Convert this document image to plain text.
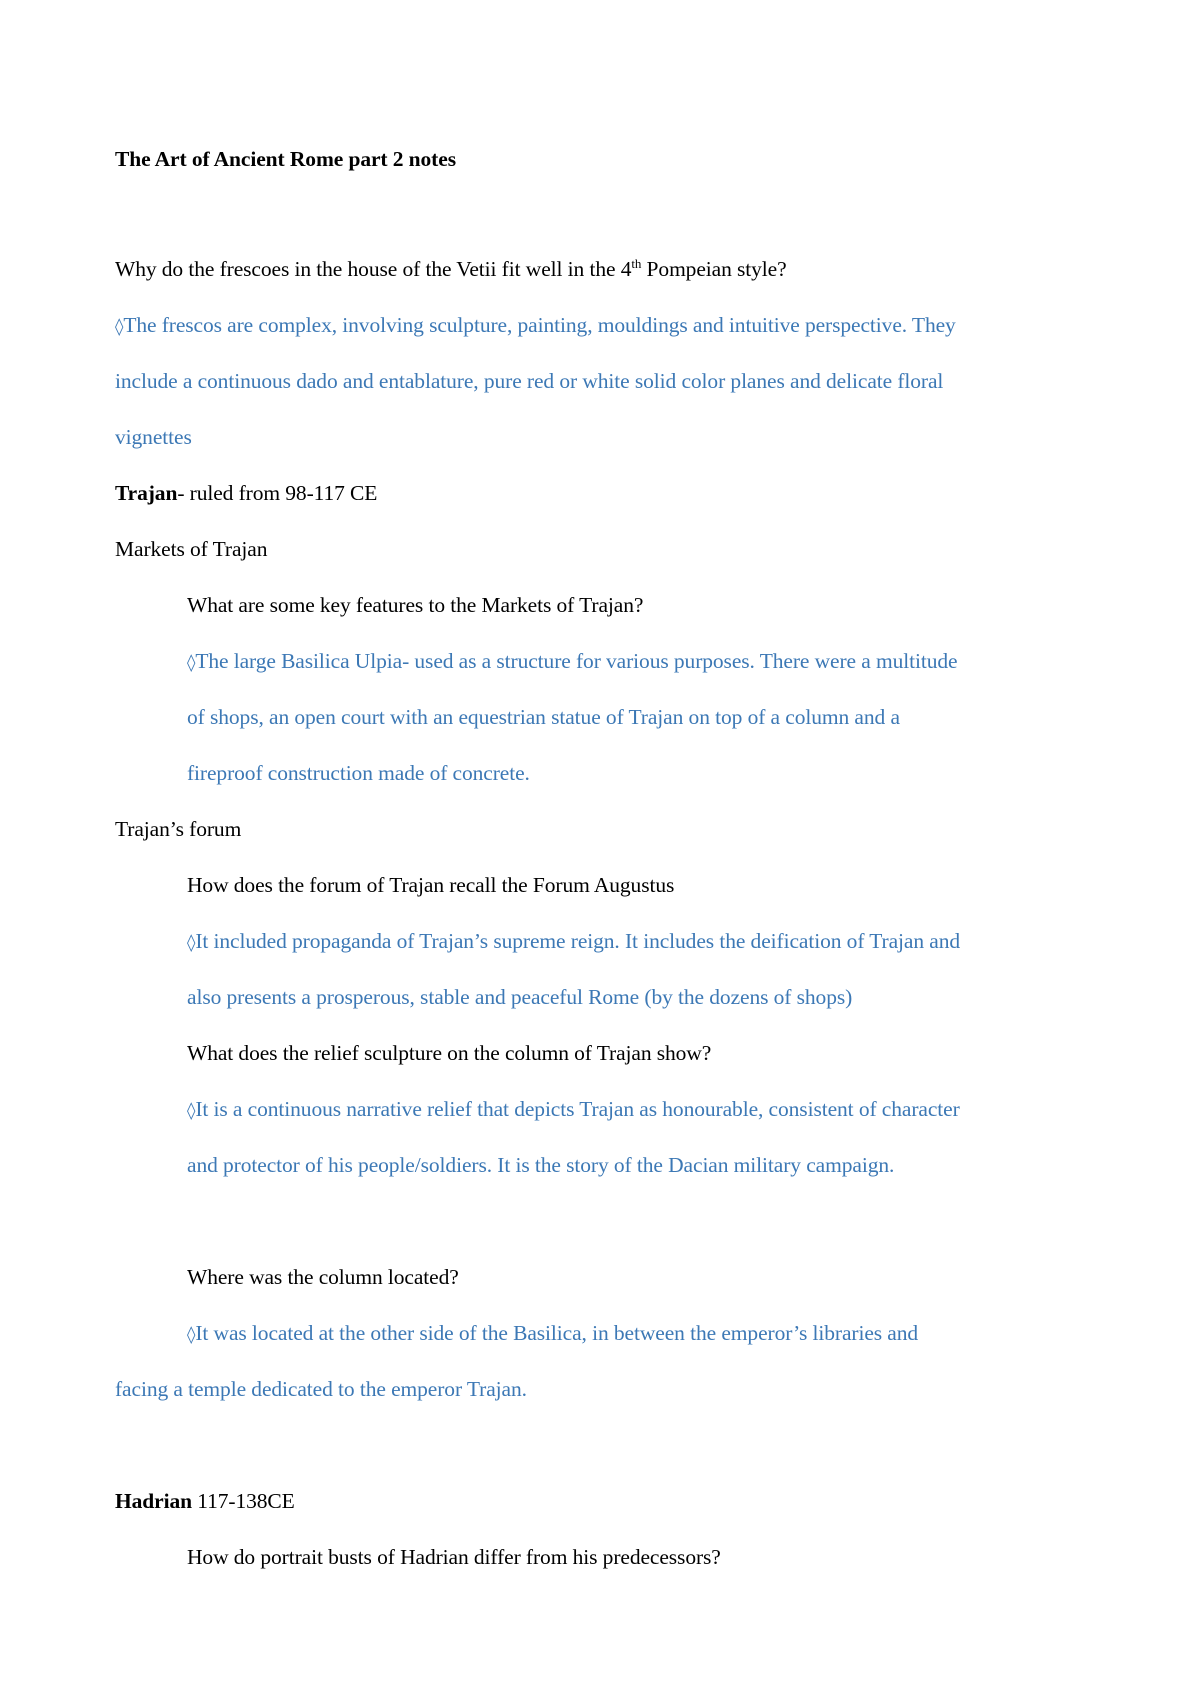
The Art of Ancient Rome part 2 notes
Why do the frescoes in the house of the Vetii fit well in the 4th Pompeian style?
◊The frescos are complex, involving sculpture, painting, mouldings and intuitive perspective. They
include a continuous dado and entablature, pure red or white solid color planes and delicate floral
vignettes
Trajan- ruled from 98-117 CE
Markets of Trajan
What are some key features to the Markets of Trajan?
◊The large Basilica Ulpia- used as a structure for various purposes. There were a multitude
of shops, an open court with an equestrian statue of Trajan on top of a column and a
fireproof construction made of concrete.
Trajan’s forum
How does the forum of Trajan recall the Forum Augustus
◊It included propaganda of Trajan’s supreme reign. It includes the deification of Trajan and
also presents a prosperous, stable and peaceful Rome (by the dozens of shops)
What does the relief sculpture on the column of Trajan show?
◊It is a continuous narrative relief that depicts Trajan as honourable, consistent of character
and protector of his people/soldiers. It is the story of the Dacian military campaign.
Where was the column located?
◊It was located at the other side of the Basilica, in between the emperor’s libraries and
facing a temple dedicated to the emperor Trajan.
Hadrian 117-138CE
How do portrait busts of Hadrian differ from his predecessors?
